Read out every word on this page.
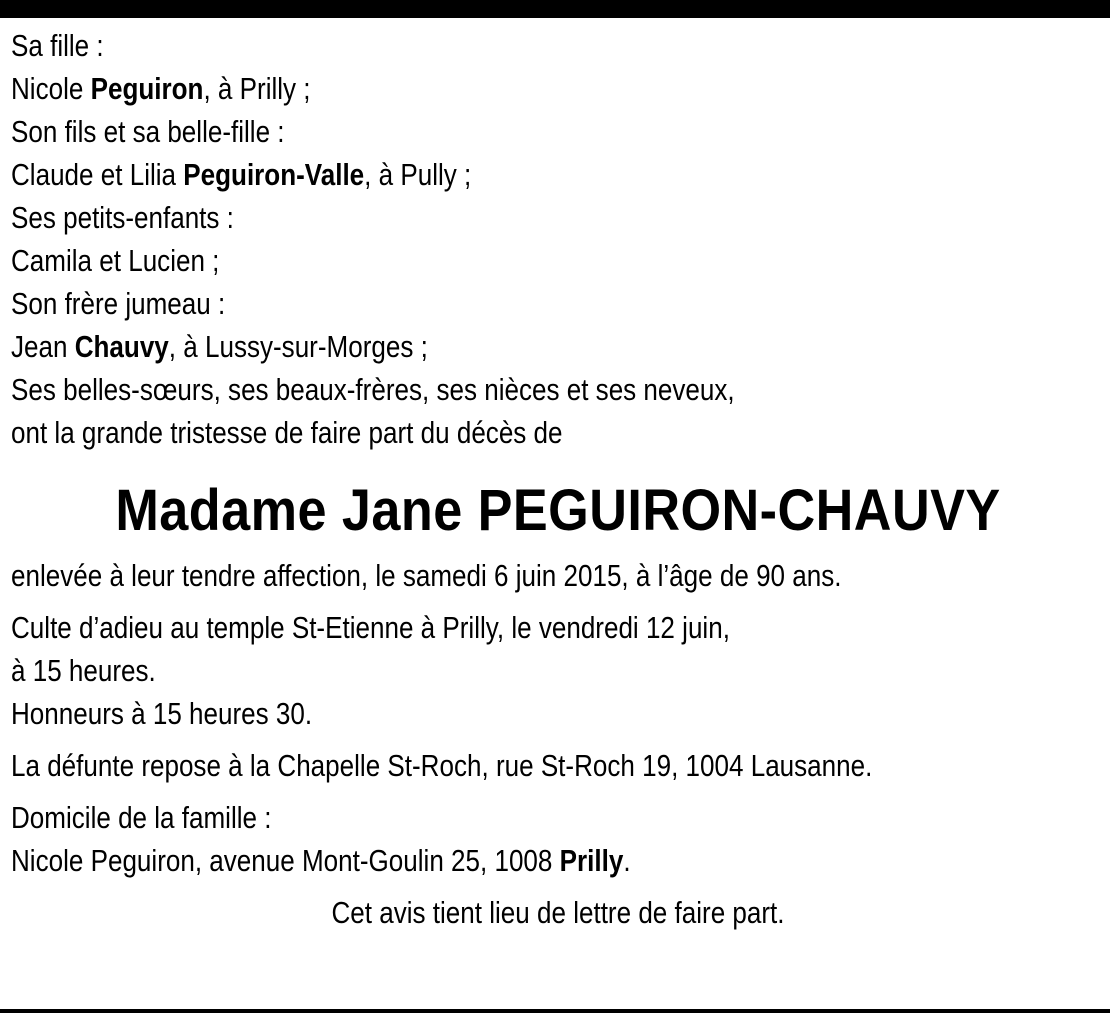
Sa fille :
Nicole Peguiron, à Prilly ;
Son fils et sa belle-fille :
Claude et Lilia Peguiron-Valle, à Pully ;
Ses petits-enfants :
Camila et Lucien ;
Son frère jumeau :
Jean Chauvy, à Lussy-sur-Morges ;
Ses belles-sœurs, ses beaux-frères, ses nièces et ses neveux,
ont la grande tristesse de faire part du décès de
Madame Jane PEGUIRON-CHAUVY
enlevée à leur tendre affection, le samedi 6 juin 2015, à l’âge de 90 ans.
Culte d’adieu au temple St-Etienne à Prilly, le vendredi 12 juin,
à 15 heures.
Honneurs à 15 heures 30.
La défunte repose à la Chapelle St-Roch, rue St-Roch 19, 1004 Lausanne.
Domicile de la famille :
Nicole Peguiron, avenue Mont-Goulin 25, 1008 Prilly.
Cet avis tient lieu de lettre de faire part.
